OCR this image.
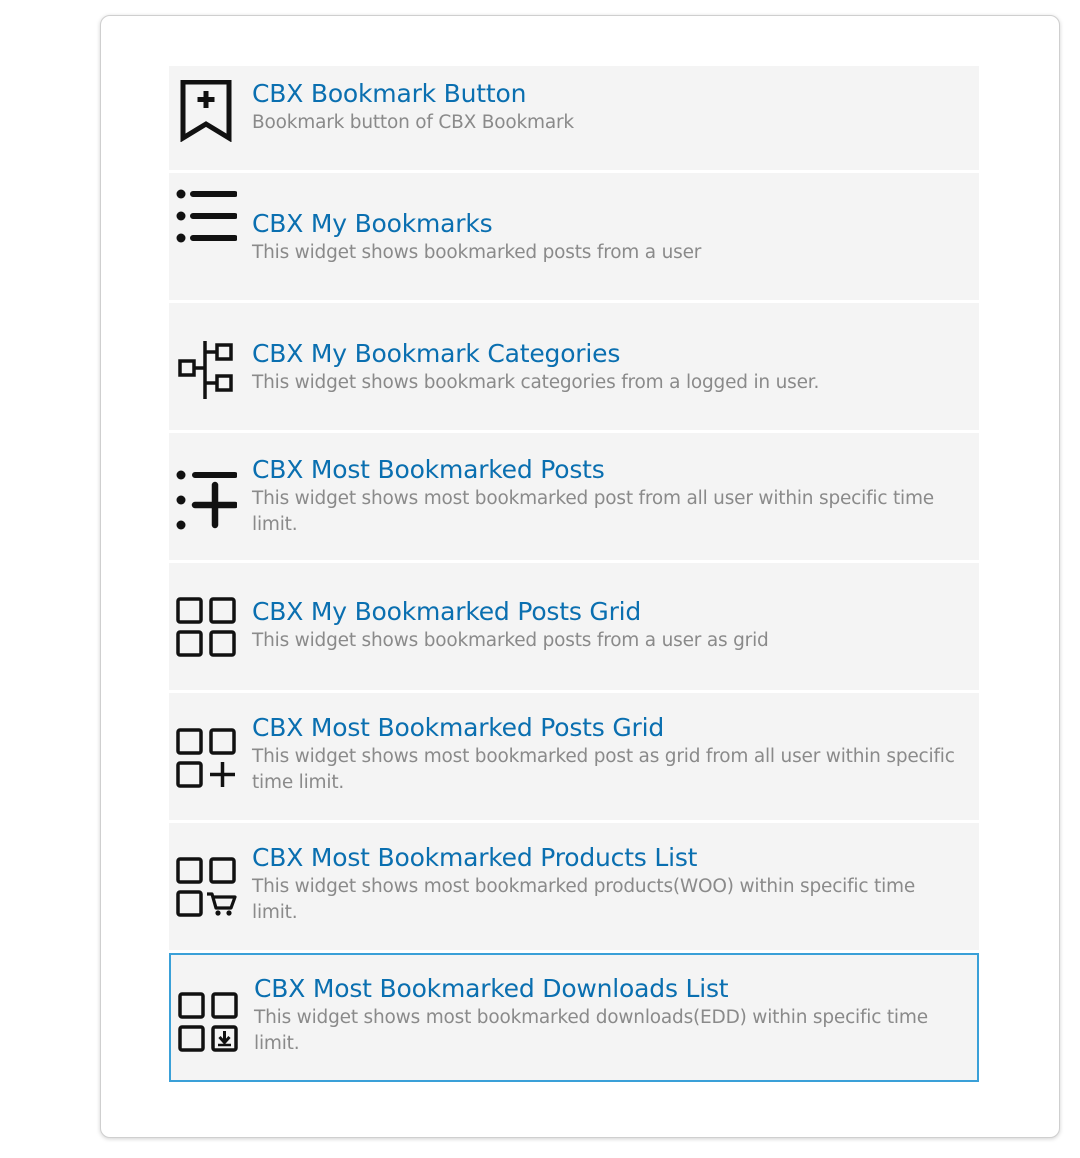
CBX Bookmark Button
Bookmark button of CBX Bookmark
CBX My Bookmarks
This widget shows bookmarked posts from a user
CBX My Bookmark Categories
This widget shows bookmark categories from a logged in user.
CBX Most Bookmarked Posts
This widget shows most bookmarked post from all user within specific time limit.
CBX My Bookmarked Posts Grid
This widget shows bookmarked posts from a user as grid
CBX Most Bookmarked Posts Grid
This widget shows most bookmarked post as grid from all user within specific time limit.
CBX Most Bookmarked Products List
This widget shows most bookmarked products(WOO) within specific time limit.
CBX Most Bookmarked Downloads List
This widget shows most bookmarked downloads(EDD) within specific time limit.
